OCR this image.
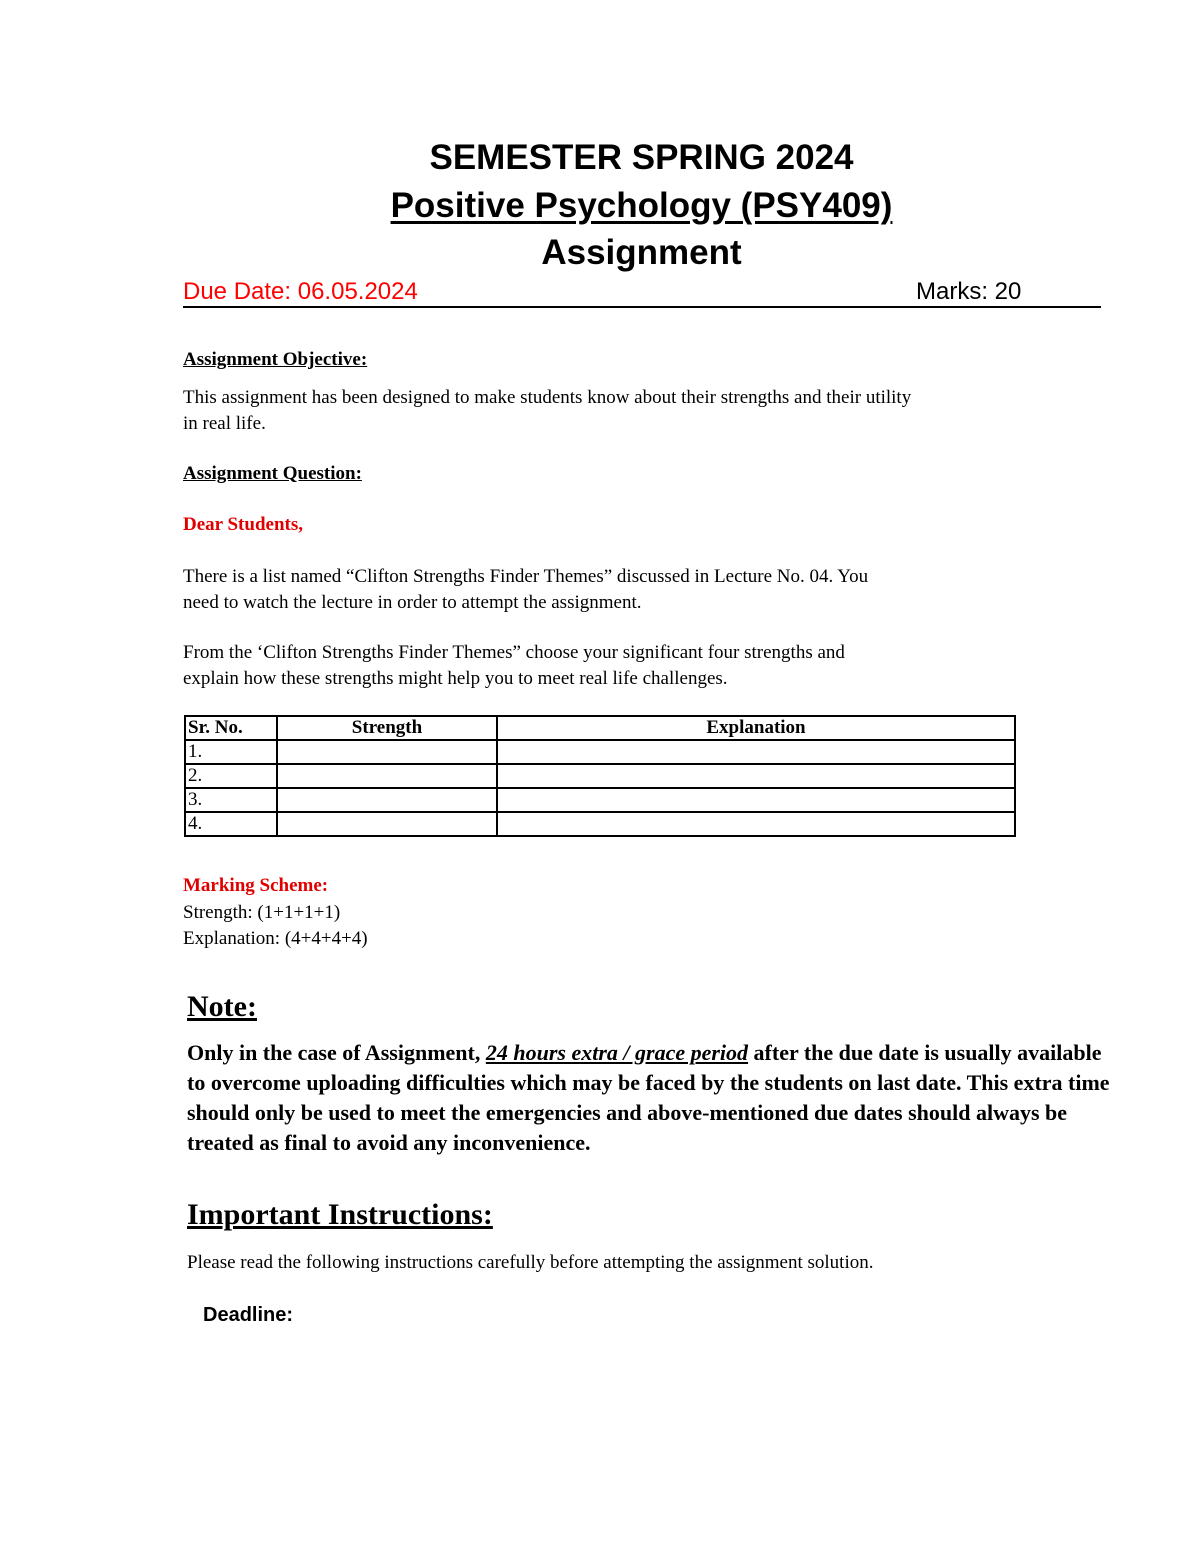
SEMESTER SPRING 2024
Positive Psychology (PSY409)
Assignment
Due Date: 06.05.2024	Marks: 20
Assignment Objective:
This assignment has been designed to make students know about their strengths and their utility
in real life.
Assignment Question:
Dear Students,
There is a list named “Clifton Strengths Finder Themes” discussed in Lecture No. 04. You
need to watch the lecture in order to attempt the assignment.
From the ‘Clifton Strengths Finder Themes” choose your significant four strengths and
explain how these strengths might help you to meet real life challenges.
Sr. No.	Strength	Explanation
1.		
2.		
3.		
4.		
Marking Scheme:
Strength: (1+1+1+1)
Explanation: (4+4+4+4)
Note:
Only in the case of Assignment, 24 hours extra / grace period after the due date is usually available to overcome uploading difficulties which may be faced by the students on last date. This extra time should only be used to meet the emergencies and above-mentioned due dates should always be treated as final to avoid any inconvenience.
Important Instructions:
Please read the following instructions carefully before attempting the assignment solution.
Deadline:
